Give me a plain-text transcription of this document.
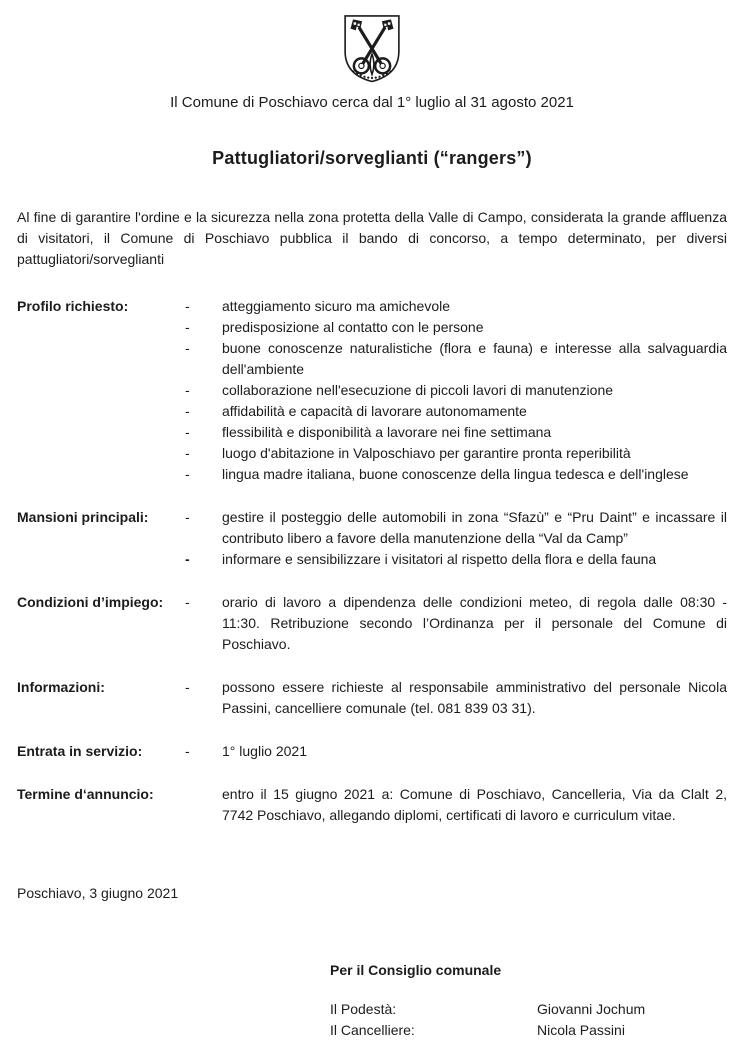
Il Comune di Poschiavo cerca dal 1° luglio al 31 agosto 2021
Pattugliatori/sorveglianti (“rangers”)
Al fine di garantire l'ordine e la sicurezza nella zona protetta della Valle di Campo, considerata la grande affluenza di visitatori, il Comune di Poschiavo pubblica il bando di concorso, a tempo determinato, per diversi pattugliatori/sorveglianti
Profilo richiesto:	-	atteggiamento sicuro ma amichevole
-	predisposizione al contatto con le persone
-	buone conoscenze naturalistiche (flora e fauna) e interesse alla salvaguardia dell'ambiente
-	collaborazione nell'esecuzione di piccoli lavori di manutenzione
-	affidabilità e capacità di lavorare autonomamente
-	flessibilità e disponibilità a lavorare nei fine settimana
-	luogo d'abitazione in Valposchiavo per garantire pronta reperibilità
-	lingua madre italiana, buone conoscenze della lingua tedesca e dell'inglese
Mansioni principali:	-	gestire il posteggio delle automobili in zona “Sfazù” e “Pru Daint” e incassare il contributo libero a favore della manutenzione della “Val da Camp”
-	informare e sensibilizzare i visitatori al rispetto della flora e della fauna
Condizioni d’impiego:	-	orario di lavoro a dipendenza delle condizioni meteo, di regola dalle 08:30 - 11:30. Retribuzione secondo l’Ordinanza per il personale del Comune di Poschiavo.
Informazioni:	-	possono essere richieste al responsabile amministrativo del personale Nicola Passini, cancelliere comunale (tel. 081 839 03 31).
Entrata in servizio:	-	1° luglio 2021
Termine d‘annuncio:	entro il 15 giugno 2021 a: Comune di Poschiavo, Cancelleria, Via da Clalt 2, 7742 Poschiavo, allegando diplomi, certificati di lavoro e curriculum vitae.
Poschiavo, 3 giugno 2021
Per il Consiglio comunale
Il Podestà:	Giovanni Jochum
Il Cancelliere:	Nicola Passini
